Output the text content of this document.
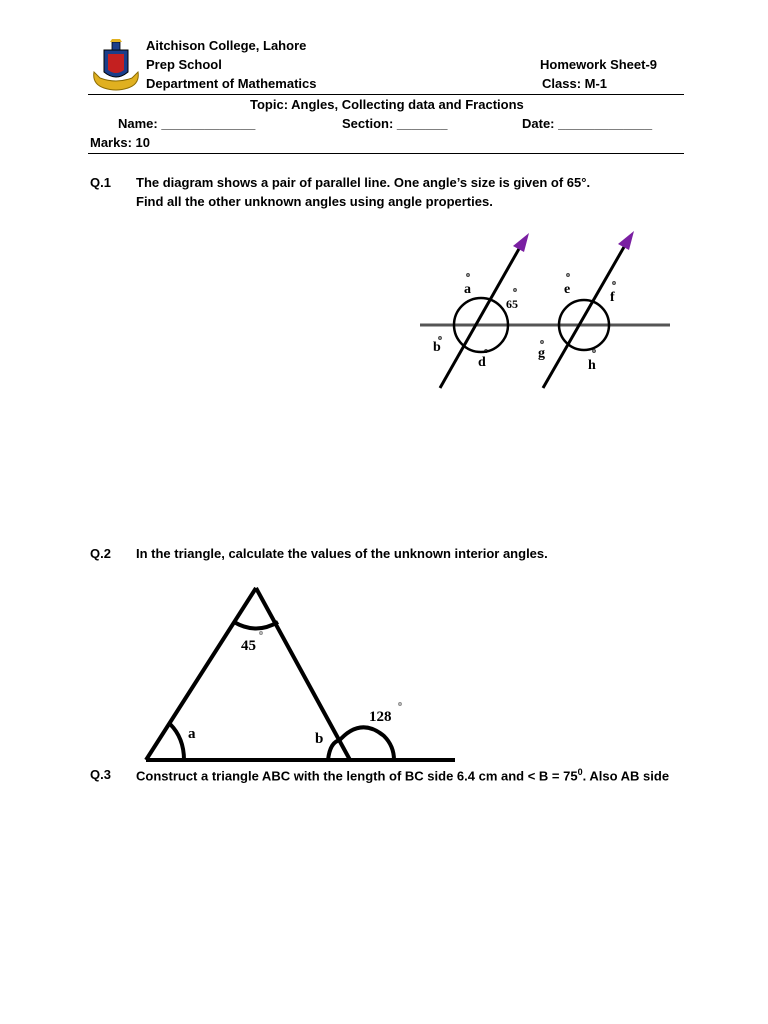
Aitchison College, Lahore
Prep School
Department of Mathematics
Homework Sheet-9
Class: M-1
Topic: Angles, Collecting data and Fractions
Name: _____________	Section: _______	Date: _____________
Marks: 10
Q.1 The diagram shows a pair of parallel line. One angle’s size is given of 65°.
Find all the other unknown angles using angle properties.
a
o
65
o
b
o
d
o
e
o
f
o
g
o
h
o
Q.2 In the triangle, calculate the values of the unknown interior angles.
45
o
128
o
a	b
Q.3 Construct a triangle ABC with the length of BC side 6.4 cm and < $B = 75^0$. Also AB side
